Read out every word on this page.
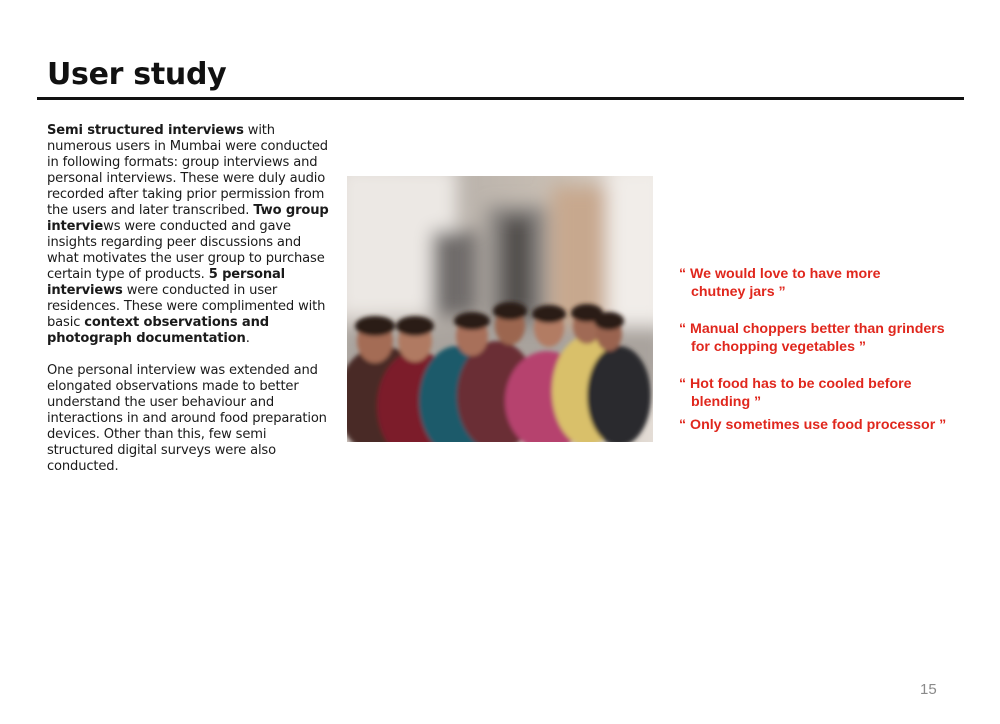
User study

Semi structured interviews with numerous users in Mumbai were conducted in following formats: group interviews and personal interviews. These were duly audio recorded after taking prior permission from the users and later transcribed. Two group interviews were conducted and gave insights regarding peer discussions and what motivates the user group to purchase certain type of products. 5 personal interviews were conducted in user residences. These were complimented with basic context observations and photograph documentation.

One personal interview was extended and elongated observations made to better understand the user behaviour and interactions in and around food preparation devices. Other than this, few semi structured digital surveys were also conducted.

“ We would love to have more
chutney jars ”

“ Manual choppers better than grinders
for chopping vegetables ”

“ Hot food has to be cooled before
blending ”

“ Only sometimes use food processor ”

15
